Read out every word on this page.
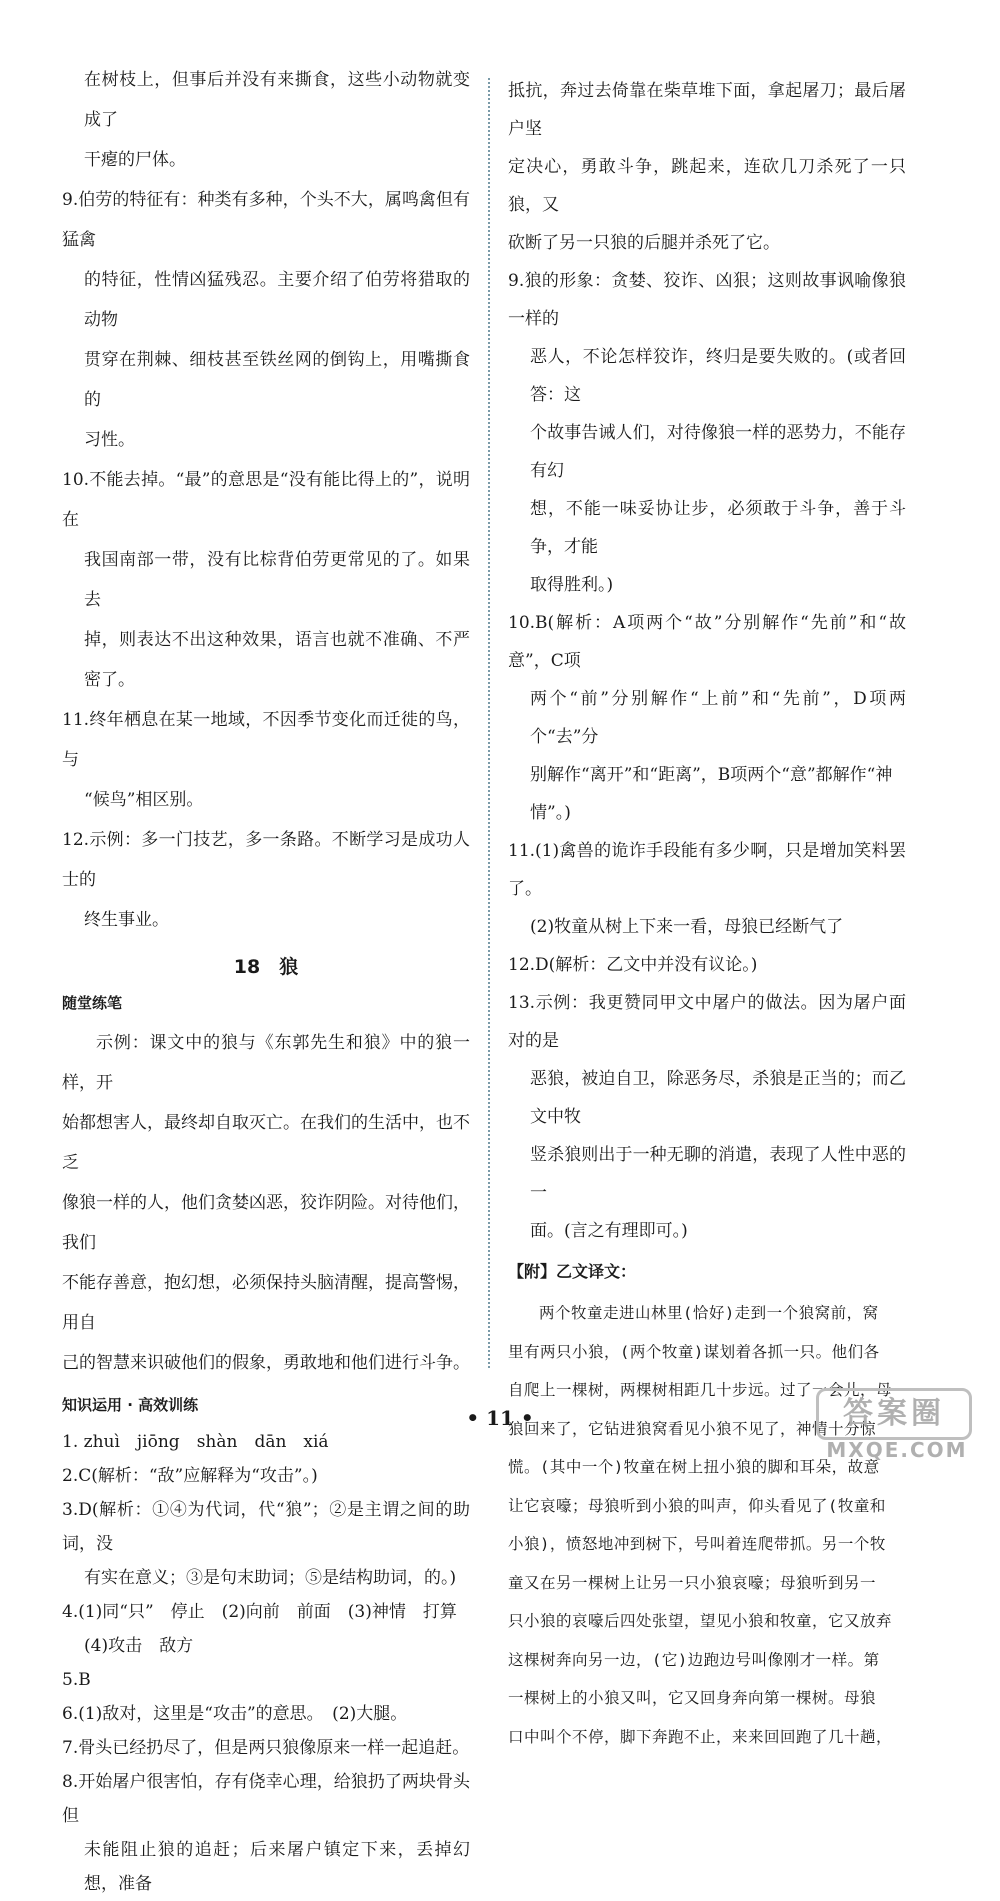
在树枝上，但事后并没有来撕食，这些小动物就变成了

干瘪的尸体。

9.伯劳的特征有：种类有多种，个头不大，属鸣禽但有猛禽

的特征，性情凶猛残忍。主要介绍了伯劳将猎取的动物

贯穿在荆棘、细枝甚至铁丝网的倒钩上，用嘴撕食的

习性。

10.不能去掉。“最”的意思是“没有能比得上的”，说明在

我国南部一带，没有比棕背伯劳更常见的了。如果去

掉，则表达不出这种效果，语言也就不准确、不严密了。

11.终年栖息在某一地域，不因季节变化而迁徙的鸟，与

“候鸟”相区别。

12.示例：多一门技艺，多一条路。不断学习是成功人士的

终生事业。

18　狼
随堂练笔

示例：课文中的狼与《东郭先生和狼》中的狼一样，开

始都想害人，最终却自取灭亡。在我们的生活中，也不乏

像狼一样的人，他们贪婪凶恶，狡诈阴险。对待他们，我们

不能存善意，抱幻想，必须保持头脑清醒，提高警惕，用自

己的智慧来识破他们的假象，勇敢地和他们进行斗争。

知识运用 · 高效训练

1. zhuì　jiōng　shàn　dān　xiá

2.C(解析：“敌”应解释为“攻击”。)

3.D(解析：①④为代词，代“狼”；②是主谓之间的助词，没

有实在意义；③是句末助词；⑤是结构助词，的。)

4.(1)同“只”　停止　(2)向前　前面　(3)神情　打算

(4)攻击　敌方

5.B

6.(1)敌对，这里是“攻击”的意思。　(2)大腿。

7.骨头已经扔尽了，但是两只狼像原来一样一起追赶。

8.开始屠户很害怕，存有侥幸心理，给狼扔了两块骨头但

未能阻止狼的追赶；后来屠户镇定下来，丢掉幻想，准备

抵抗，奔过去倚靠在柴草堆下面，拿起屠刀；最后屠户坚

定决心，勇敢斗争，跳起来，连砍几刀杀死了一只狼，又

砍断了另一只狼的后腿并杀死了它。

9.狼的形象：贪婪、狡诈、凶狠；这则故事讽喻像狼一样的

恶人，不论怎样狡诈，终归是要失败的。(或者回答：这

个故事告诫人们，对待像狼一样的恶势力，不能存有幻

想，不能一味妥协让步，必须敢于斗争，善于斗争，才能

取得胜利。)

10.B(解析：A项两个“故”分别解作“先前”和“故意”，C项

两个“前”分别解作“上前”和“先前”，D项两个“去”分

别解作“离开”和“距离”，B项两个“意”都解作“神

情”。)

11.(1)禽兽的诡诈手段能有多少啊，只是增加笑料罢了。

(2)牧童从树上下来一看，母狼已经断气了

12.D(解析：乙文中并没有议论。)

13.示例：我更赞同甲文中屠户的做法。因为屠户面对的是

恶狼，被迫自卫，除恶务尽，杀狼是正当的；而乙文中牧

竖杀狼则出于一种无聊的消遣，表现了人性中恶的一

面。(言之有理即可。)

【附】乙文译文：

两个牧童走进山林里(恰好)走到一个狼窝前，窝

里有两只小狼，(两个牧童)谋划着各抓一只。他们各

自爬上一棵树，两棵树相距几十步远。过了一会儿，母

狼回来了，它钻进狼窝看见小狼不见了，神情十分惊

慌。(其中一个)牧童在树上扭小狼的脚和耳朵，故意

让它哀嚎；母狼听到小狼的叫声，仰头看见了(牧童和

小狼)，愤怒地冲到树下，号叫着连爬带抓。另一个牧

童又在另一棵树上让另一只小狼哀嚎；母狼听到另一

只小狼的哀嚎后四处张望，望见小狼和牧童，它又放弃

这棵树奔向另一边，(它)边跑边号叫像刚才一样。第

一棵树上的小狼又叫，它又回身奔向第一棵树。母狼

口中叫个不停，脚下奔跑不止，来来回回跑了几十趟，

• 11 •	答案圈
MXQE.COM
